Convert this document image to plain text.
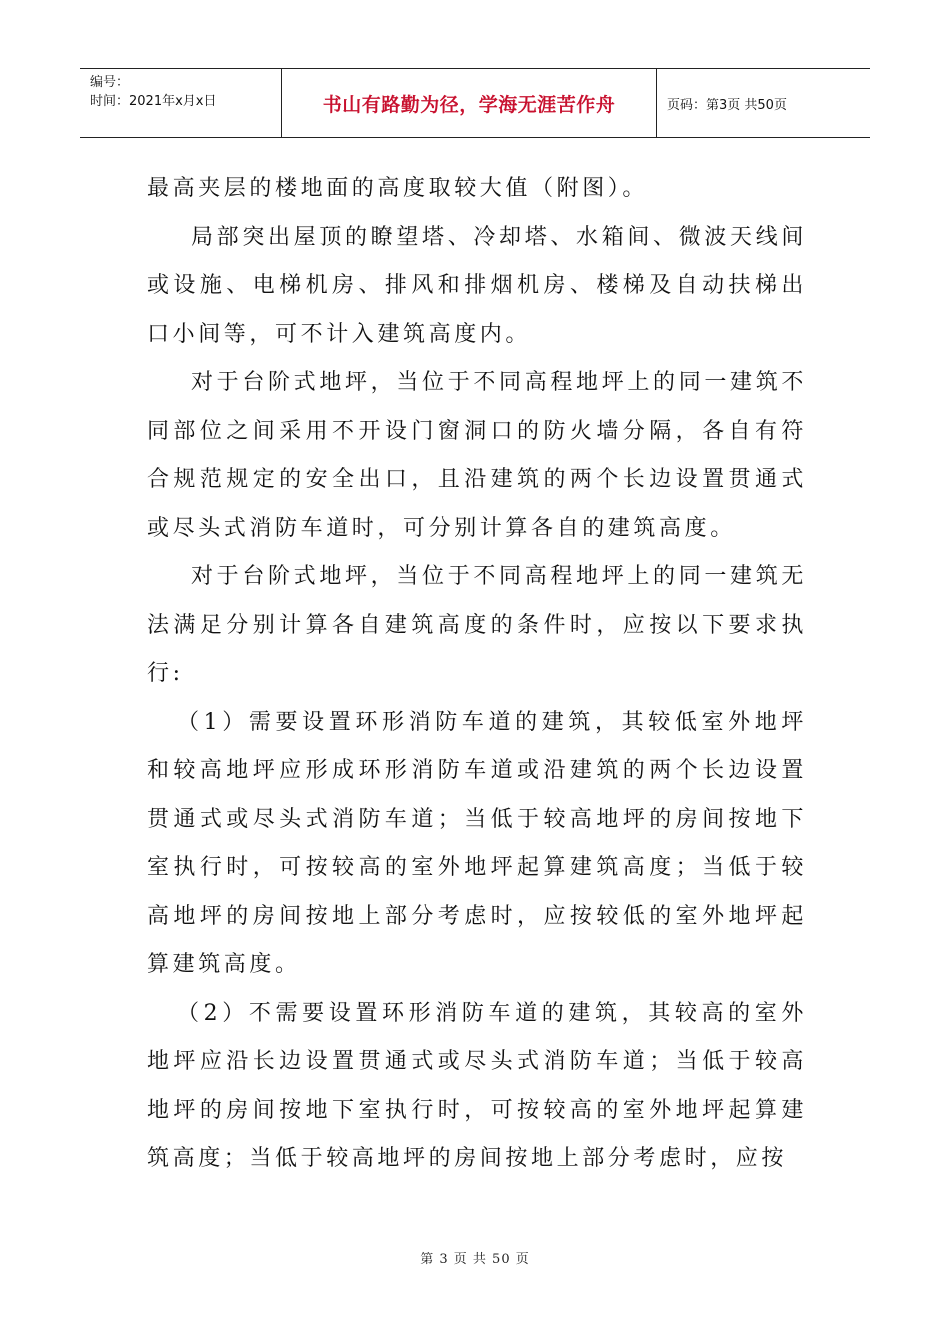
编号：
时间：2021年x月x日	书山有路勤为径，学海无涯苦作舟	页码：第3页 共50页

最高夹层的楼地面的高度取较大值（附图）。

局部突出屋顶的瞭望塔、冷却塔、水箱间、微波天线间或设施、电梯机房、排风和排烟机房、楼梯及自动扶梯出口小间等，可不计入建筑高度内。

对于台阶式地坪，当位于不同高程地坪上的同一建筑不同部位之间采用不开设门窗洞口的防火墙分隔，各自有符合规范规定的安全出口，且沿建筑的两个长边设置贯通式或尽头式消防车道时，可分别计算各自的建筑高度。

对于台阶式地坪，当位于不同高程地坪上的同一建筑无法满足分别计算各自建筑高度的条件时，应按以下要求执行:

（1）需要设置环形消防车道的建筑，其较低室外地坪和较高地坪应形成环形消防车道或沿建筑的两个长边设置贯通式或尽头式消防车道；当低于较高地坪的房间按地下室执行时，可按较高的室外地坪起算建筑高度；当低于较高地坪的房间按地上部分考虑时，应按较低的室外地坪起算建筑高度。

（2）不需要设置环形消防车道的建筑，其较高的室外地坪应沿长边设置贯通式或尽头式消防车道；当低于较高地坪的房间按地下室执行时，可按较高的室外地坪起算建筑高度；当低于较高地坪的房间按地上部分考虑时，应按

第 3 页 共 50 页
